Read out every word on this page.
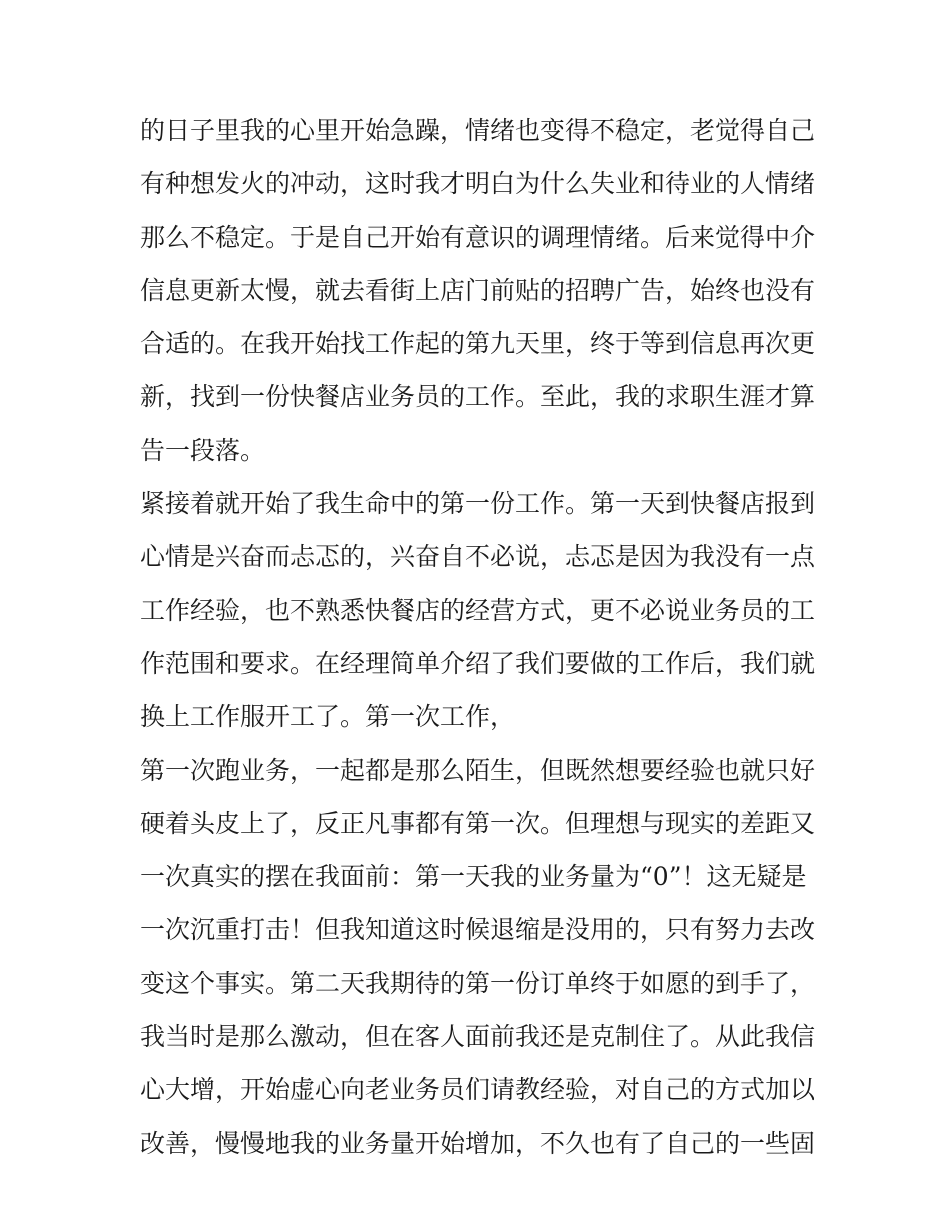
的日子里我的心里开始急躁，情绪也变得不稳定，老觉得自己
有种想发火的冲动，这时我才明白为什么失业和待业的人情绪
那么不稳定。于是自己开始有意识的调理情绪。后来觉得中介
信息更新太慢，就去看街上店门前贴的招聘广告，始终也没有
合适的。在我开始找工作起的第九天里，终于等到信息再次更
新，找到一份快餐店业务员的工作。至此，我的求职生涯才算
告一段落。
紧接着就开始了我生命中的第一份工作。第一天到快餐店报到
心情是兴奋而忐忑的，兴奋自不必说，忐忑是因为我没有一点
工作经验，也不熟悉快餐店的经营方式，更不必说业务员的工
作范围和要求。在经理简单介绍了我们要做的工作后，我们就
换上工作服开工了。第一次工作，
第一次跑业务，一起都是那么陌生，但既然想要经验也就只好
硬着头皮上了，反正凡事都有第一次。但理想与现实的差距又
一次真实的摆在我面前：第一天我的业务量为“0”！这无疑是
一次沉重打击！但我知道这时候退缩是没用的，只有努力去改
变这个事实。第二天我期待的第一份订单终于如愿的到手了，
我当时是那么激动，但在客人面前我还是克制住了。从此我信
心大增，开始虚心向老业务员们请教经验，对自己的方式加以
改善，慢慢地我的业务量开始增加，不久也有了自己的一些固
